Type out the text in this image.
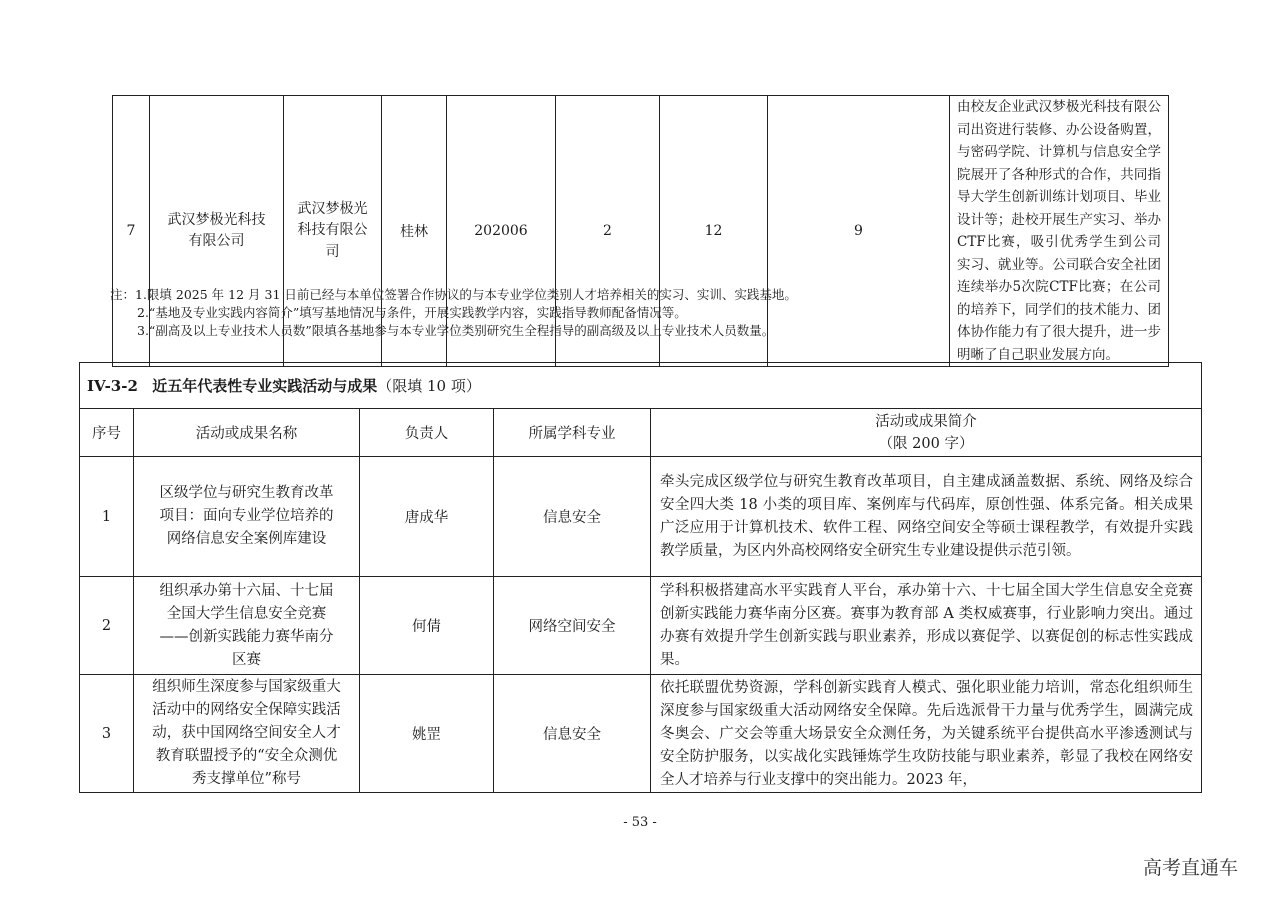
7	武汉梦极光科技有限公司	武汉梦极光科技有限公司	桂林	202006	2	12	9	由校友企业武汉梦极光科技有限公司出资进行装修、办公设备购置，与密码学院、计算机与信息安全学院展开了各种形式的合作，共同指导大学生创新训练计划项目、毕业设计等；赴校开展生产实习、举办CTF比赛，吸引优秀学生到公司实习、就业等。公司联合安全社团连续举办5次院CTF比赛；在公司的培养下，同学们的技术能力、团体协作能力有了很大提升，进一步明晰了自己职业发展方向。
注：1.限填 2025 年 12 月 31 日前已经与本单位签署合作协议的与本专业学位类别人才培养相关的实习、实训、实践基地。
2.“基地及专业实践内容简介”填写基地情况与条件，开展实践教学内容，实践指导教师配备情况等。
3.“副高及以上专业技术人员数”限填各基地参与本专业学位类别研究生全程指导的副高级及以上专业技术人员数量。
IV-3-2 近五年代表性专业实践活动与成果（限填 10 项）				
序号	活动或成果名称	负责人	所属学科专业	活动或成果简介
（限 200 字）

1	区级学位与研究生教育改革项目：面向专业学位培养的网络信息安全案例库建设	唐成华	信息安全	牵头完成区级学位与研究生教育改革项目，自主建成涵盖数据、系统、网络及综合安全四大类 18 小类的项目库、案例库与代码库，原创性强、体系完备。相关成果广泛应用于计算机技术、软件工程、网络空间安全等硕士课程教学，有效提升实践教学质量，为区内外高校网络安全研究生专业建设提供示范引领。
2	组织承办第十六届、十七届全国大学生信息安全竞赛——创新实践能力赛华南分区赛	何倩	网络空间安全	学科积极搭建高水平实践育人平台，承办第十六、十七届全国大学生信息安全竞赛创新实践能力赛华南分区赛。赛事为教育部 A 类权威赛事，行业影响力突出。通过办赛有效提升学生创新实践与职业素养，形成以赛促学、以赛促创的标志性实践成果。
3	组织师生深度参与国家级重大活动中的网络安全保障实践活动，获中国网络空间安全人才教育联盟授予的“安全众测优秀支撑单位”称号	姚罡	信息安全	依托联盟优势资源，学科创新实践育人模式、强化职业能力培训，常态化组织师生深度参与国家级重大活动网络安全保障。先后选派骨干力量与优秀学生，圆满完成冬奥会、广交会等重大场景安全众测任务，为关键系统平台提供高水平渗透测试与安全防护服务，以实战化实践锤炼学生攻防技能与职业素养，彰显了我校在网络安全人才培养与行业支撑中的突出能力。2023 年，
- 53 -
高考直通车
